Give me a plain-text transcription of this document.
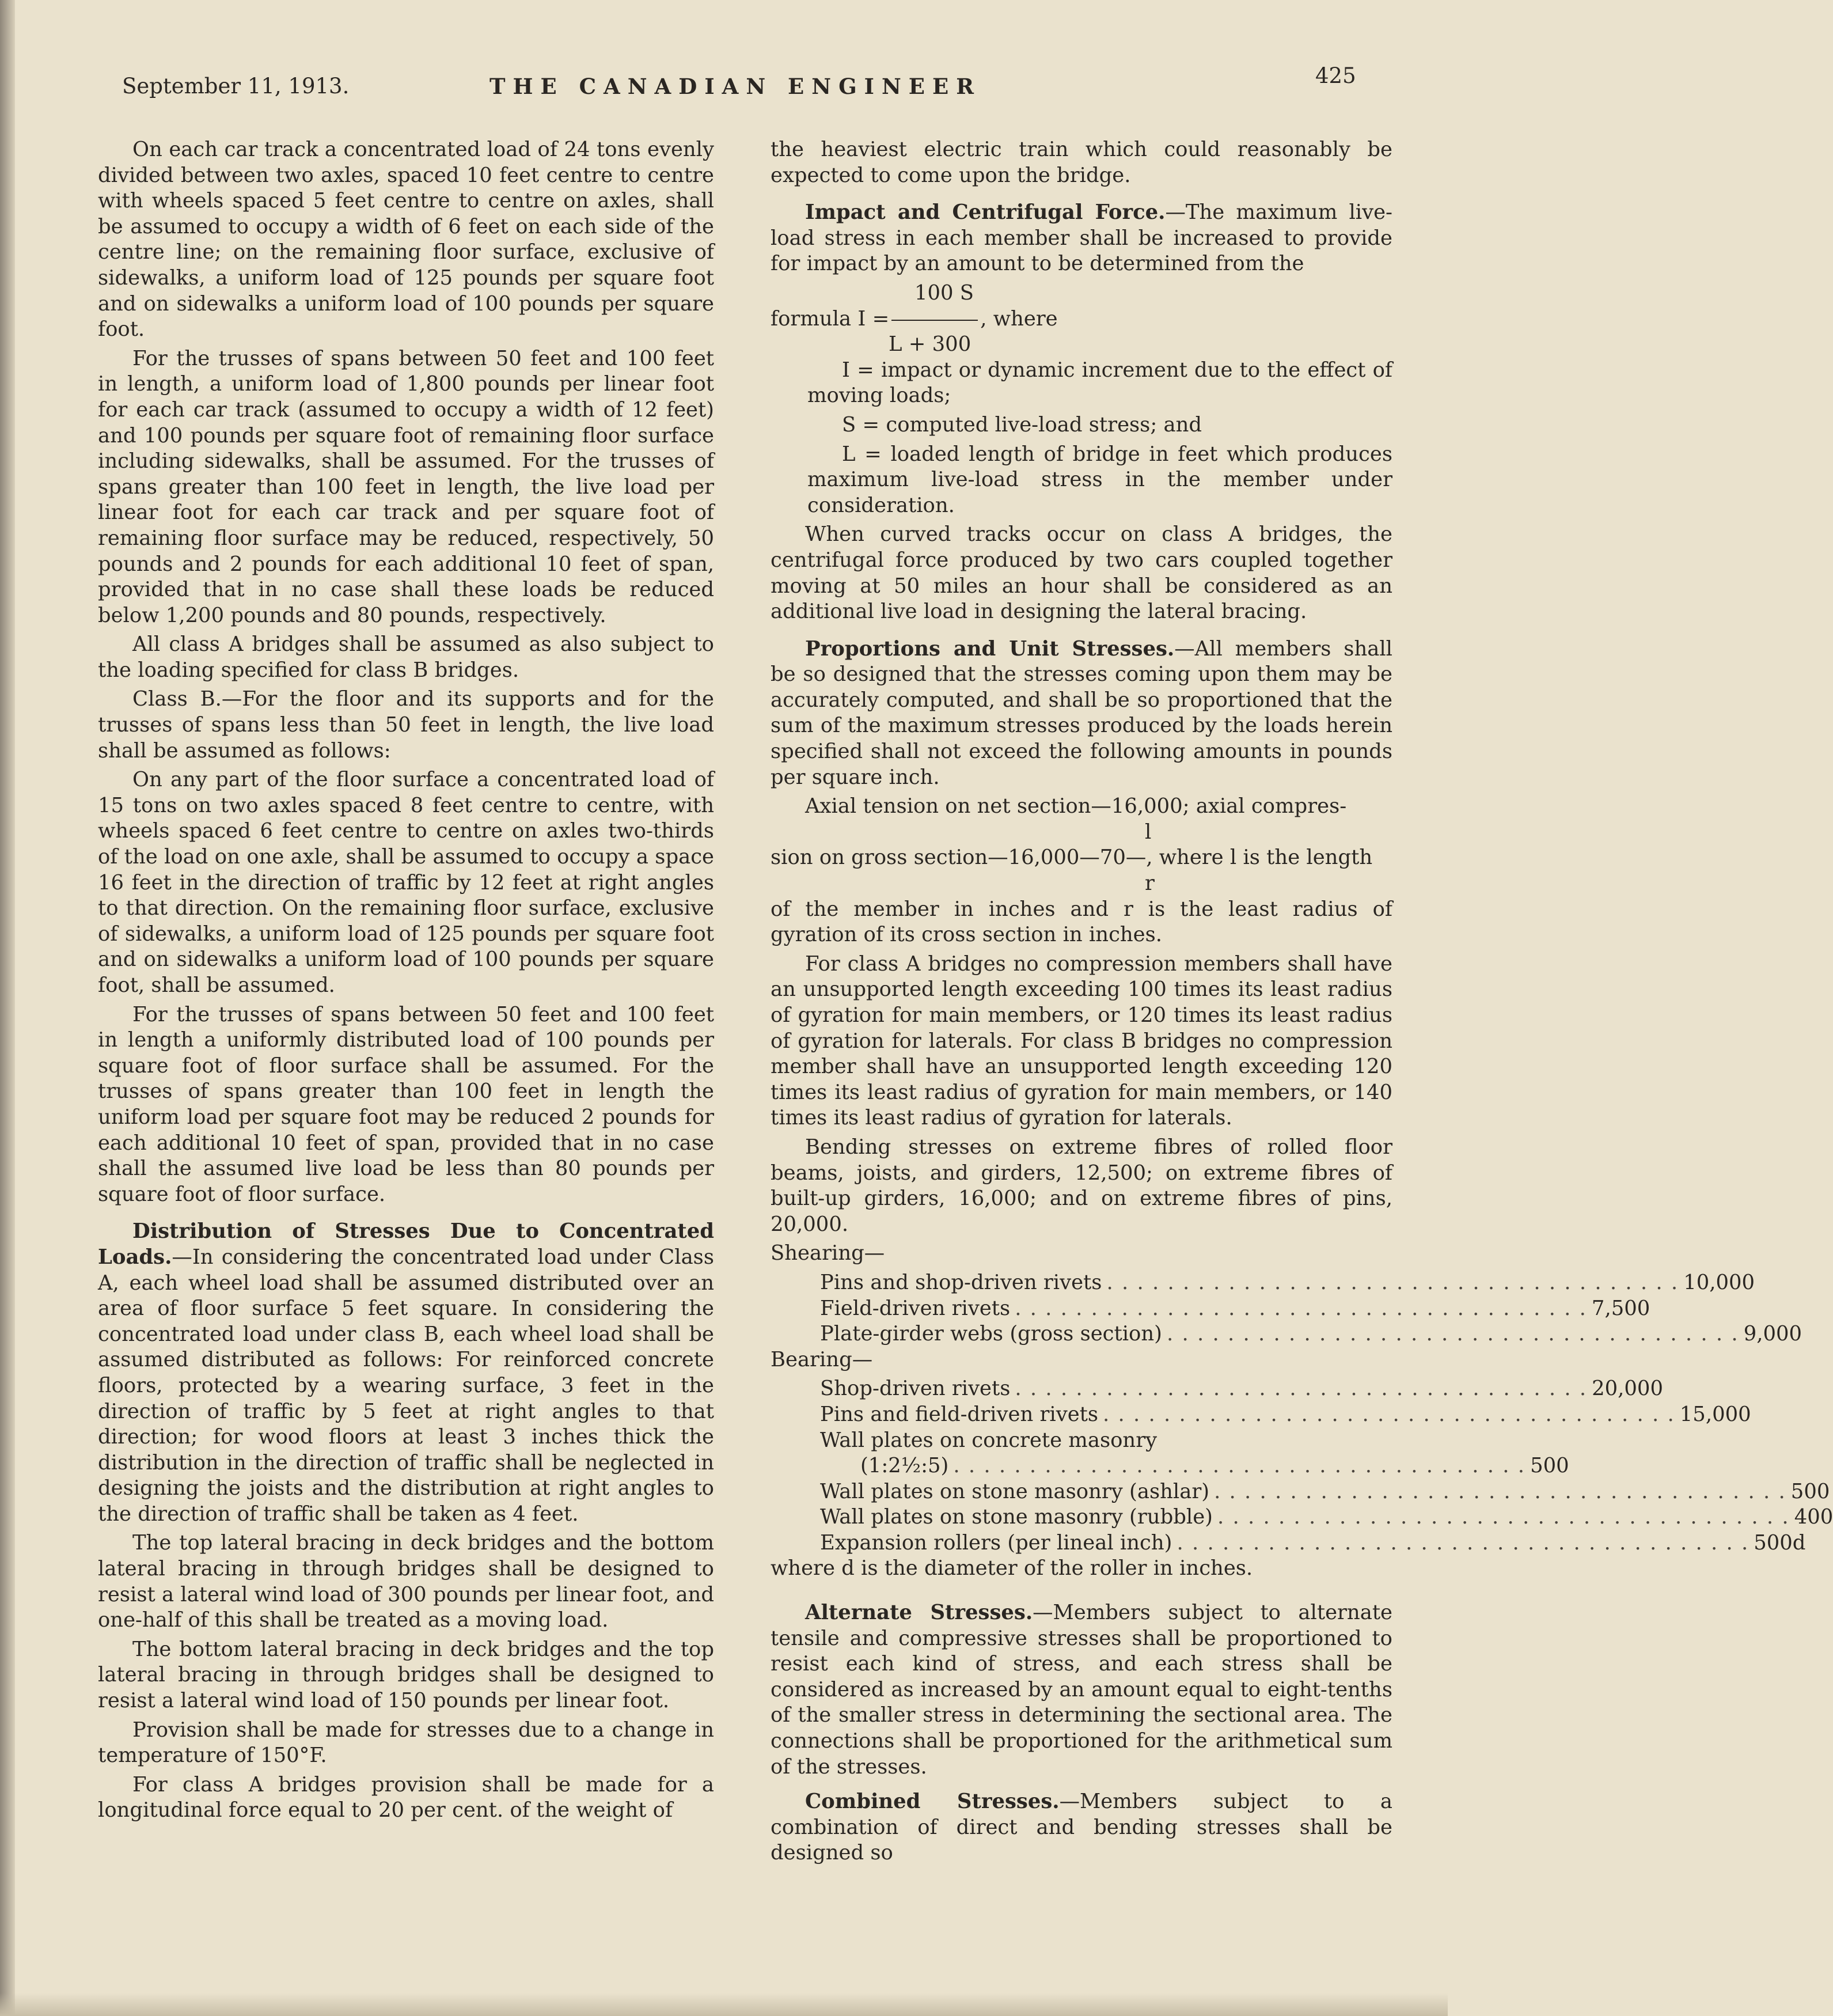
September 11, 1913.	THE CANADIAN ENGINEER	425

On each car track a concentrated load of 24 tons evenly divided between two axles, spaced 10 feet centre to centre with wheels spaced 5 feet centre to centre on axles, shall be assumed to occupy a width of 6 feet on each side of the centre line; on the remaining floor surface, exclusive of sidewalks, a uniform load of 125 pounds per square foot and on sidewalks a uniform load of 100 pounds per square foot.

For the trusses of spans between 50 feet and 100 feet in length, a uniform load of 1,800 pounds per linear foot for each car track (assumed to occupy a width of 12 feet) and 100 pounds per square foot of remaining floor surface including sidewalks, shall be assumed. For the trusses of spans greater than 100 feet in length, the live load per linear foot for each car track and per square foot of remaining floor surface may be reduced, respectively, 50 pounds and 2 pounds for each additional 10 feet of span, provided that in no case shall these loads be reduced below 1,200 pounds and 80 pounds, respectively.

All class A bridges shall be assumed as also subject to the loading specified for class B bridges.

Class B.—For the floor and its supports and for the trusses of spans less than 50 feet in length, the live load shall be assumed as follows:

On any part of the floor surface a concentrated load of 15 tons on two axles spaced 8 feet centre to centre, with wheels spaced 6 feet centre to centre on axles two-thirds of the load on one axle, shall be assumed to occupy a space 16 feet in the direction of traffic by 12 feet at right angles to that direction. On the remaining floor surface, exclusive of sidewalks, a uniform load of 125 pounds per square foot and on sidewalks a uniform load of 100 pounds per square foot, shall be assumed.

For the trusses of spans between 50 feet and 100 feet in length a uniformly distributed load of 100 pounds per square foot of floor surface shall be assumed. For the trusses of spans greater than 100 feet in length the uniform load per square foot may be reduced 2 pounds for each additional 10 feet of span, provided that in no case shall the assumed live load be less than 80 pounds per square foot of floor surface.

Distribution of Stresses Due to Concentrated Loads.—In considering the concentrated load under Class A, each wheel load shall be assumed distributed over an area of floor surface 5 feet square. In considering the concentrated load under class B, each wheel load shall be assumed distributed as follows: For reinforced concrete floors, protected by a wearing surface, 3 feet in the direction of traffic by 5 feet at right angles to that direction; for wood floors at least 3 inches thick the distribution in the direction of traffic shall be neglected in designing the joists and the distribution at right angles to the direction of traffic shall be taken as 4 feet.

The top lateral bracing in deck bridges and the bottom lateral bracing in through bridges shall be designed to resist a lateral wind load of 300 pounds per linear foot, and one-half of this shall be treated as a moving load.

The bottom lateral bracing in deck bridges and the top lateral bracing in through bridges shall be designed to resist a lateral wind load of 150 pounds per linear foot.

Provision shall be made for stresses due to a change in temperature of 150°F.

For class A bridges provision shall be made for a longitudinal force equal to 20 per cent. of the weight of

the heaviest electric train which could reasonably be expected to come upon the bridge.

Impact and Centrifugal Force.—The maximum live-load stress in each member shall be increased to provide for impact by an amount to be determined from the

100 S
formula I =	, where
L + 300

I = impact or dynamic increment due to the effect of moving loads;

S = computed live-load stress; and

L = loaded length of bridge in feet which produces maximum live-load stress in the member under consideration.

When curved tracks occur on class A bridges, the centrifugal force produced by two cars coupled together moving at 50 miles an hour shall be considered as an additional live load in designing the lateral bracing.

Proportions and Unit Stresses.—All members shall be so designed that the stresses coming upon them may be accurately computed, and shall be so proportioned that the sum of the maximum stresses produced by the loads herein specified shall not exceed the following amounts in pounds per square inch.

Axial tension on net section—16,000; axial compres-

l

sion on gross section—16,000—70—, where l is the length

r

of the member in inches and r is the least radius of gyration of its cross section in inches.

For class A bridges no compression members shall have an unsupported length exceeding 100 times its least radius of gyration for main members, or 120 times its least radius of gyration for laterals. For class B bridges no compression member shall have an unsupported length exceeding 120 times its least radius of gyration for main members, or 140 times its least radius of gyration for laterals.

Bending stresses on extreme fibres of rolled floor beams, joists, and girders, 12,500; on extreme fibres of built-up girders, 16,000; and on extreme fibres of pins, 20,000.

Shearing—

Pins and shop-driven rivets . . . . . . . . . . . . . . . . . . . . . . . . . . . . . . . . . . . . . . 10,000
Field-driven rivets . . . . . . . . . . . . . . . . . . . . . . . . . . . . . . . . . . . . . . 7,500
Plate-girder webs (gross section) . . . . . . . . . . . . . . . . . . . . . . . . . . . . . . . . . . . . . . 9,000

Bearing—

Shop-driven rivets . . . . . . . . . . . . . . . . . . . . . . . . . . . . . . . . . . . . . . 20,000
Pins and field-driven rivets . . . . . . . . . . . . . . . . . . . . . . . . . . . . . . . . . . . . . . 15,000
Wall plates on concrete masonry
(1:2½:5) . . . . . . . . . . . . . . . . . . . . . . . . . . . . . . . . . . . . . . 500
Wall plates on stone masonry (ashlar) . . . . . . . . . . . . . . . . . . . . . . . . . . . . . . . . . . . . . . 500
Wall plates on stone masonry (rubble) . . . . . . . . . . . . . . . . . . . . . . . . . . . . . . . . . . . . . . 400
Expansion rollers (per lineal inch) . . . . . . . . . . . . . . . . . . . . . . . . . . . . . . . . . . . . . . 500d

where d is the diameter of the roller in inches.

Alternate Stresses.—Members subject to alternate tensile and compressive stresses shall be proportioned to resist each kind of stress, and each stress shall be considered as increased by an amount equal to eight-tenths of the smaller stress in determining the sectional area. The connections shall be proportioned for the arithmetical sum of the stresses.

Combined Stresses.—Members subject to a combination of direct and bending stresses shall be designed so
